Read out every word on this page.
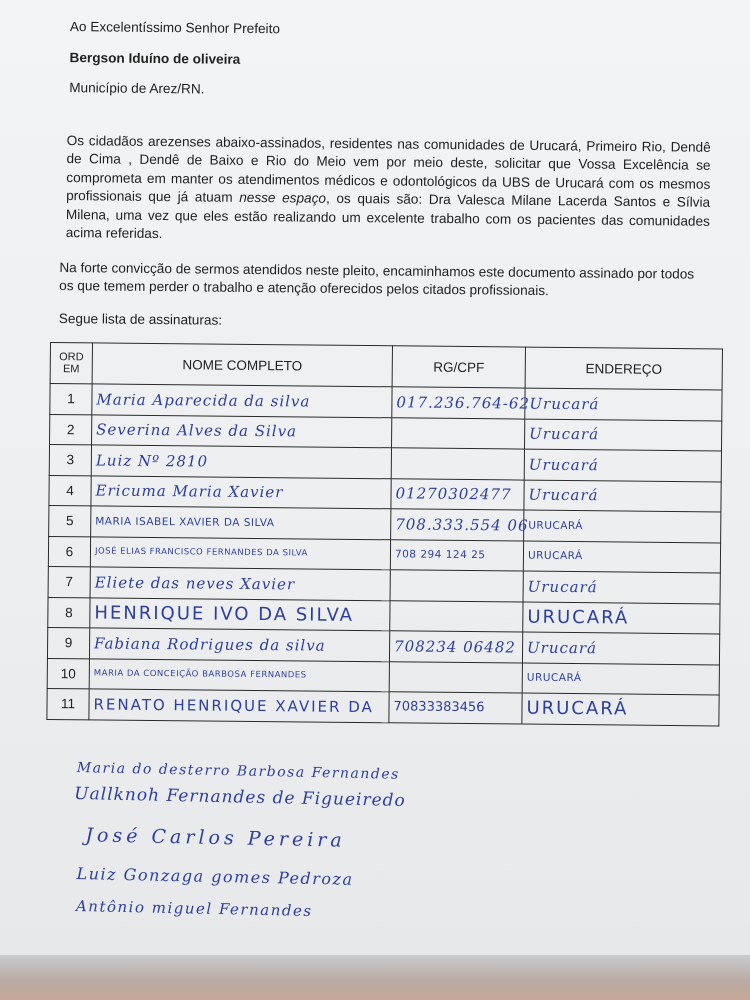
Ao Excelentíssimo Senhor Prefeito
Bergson Iduíno de oliveira
Município de Arez/RN.
Os cidadãos arezenses abaixo-assinados, residentes nas comunidades de Urucará, Primeiro Rio, Dendê de Cima , Dendê de Baixo e Rio do Meio vem por meio deste, solicitar que Vossa Excelência se comprometa em manter os atendimentos médicos e odontológicos da UBS de Urucará com os mesmos profissionais que já atuam nesse espaço, os quais são: Dra Valesca Milane Lacerda Santos e Sílvia Milena, uma vez que eles estão realizando um excelente trabalho com os pacientes das comunidades acima referidas.
Na forte convicção de sermos atendidos neste pleito, encaminhamos este documento assinado por todos os que temem perder o trabalho e atenção oferecidos pelos citados profissionais.
Segue lista de assinaturas:
ORD EM	NOME COMPLETO	RG/CPF	ENDEREÇO
1	Maria Aparecida da silva	017.236.764-62	Urucará
2	Severina Alves da Silva		Urucará
3	Luiz Nº 2810		Urucará
4	Ericuma Maria Xavier	01270302477	Urucará
5	MARIA ISABEL XAVIER DA SILVA	708.333.554 06	URUCARÁ
6	JOSÉ ELIAS FRANCISCO FERNANDES DA SILVA	708 294 124 25	URUCARÁ
7	Eliete das neves Xavier		Urucará
8	HENRIQUE IVO DA SILVA		URUCARÁ
9	Fabiana Rodrigues da silva	708234 06482	Urucará
10	MARIA DA CONCEIÇÃO BARBOSA FERNANDES		URUCARÁ
11	RENATO HENRIQUE XAVIER DA	70833383456	URUCARÁ
Maria do desterro Barbosa Fernandes
Uallknoh Fernandes de Figueiredo
José Carlos Pereira
Luiz Gonzaga gomes Pedroza
Antônio miguel Fernandes
